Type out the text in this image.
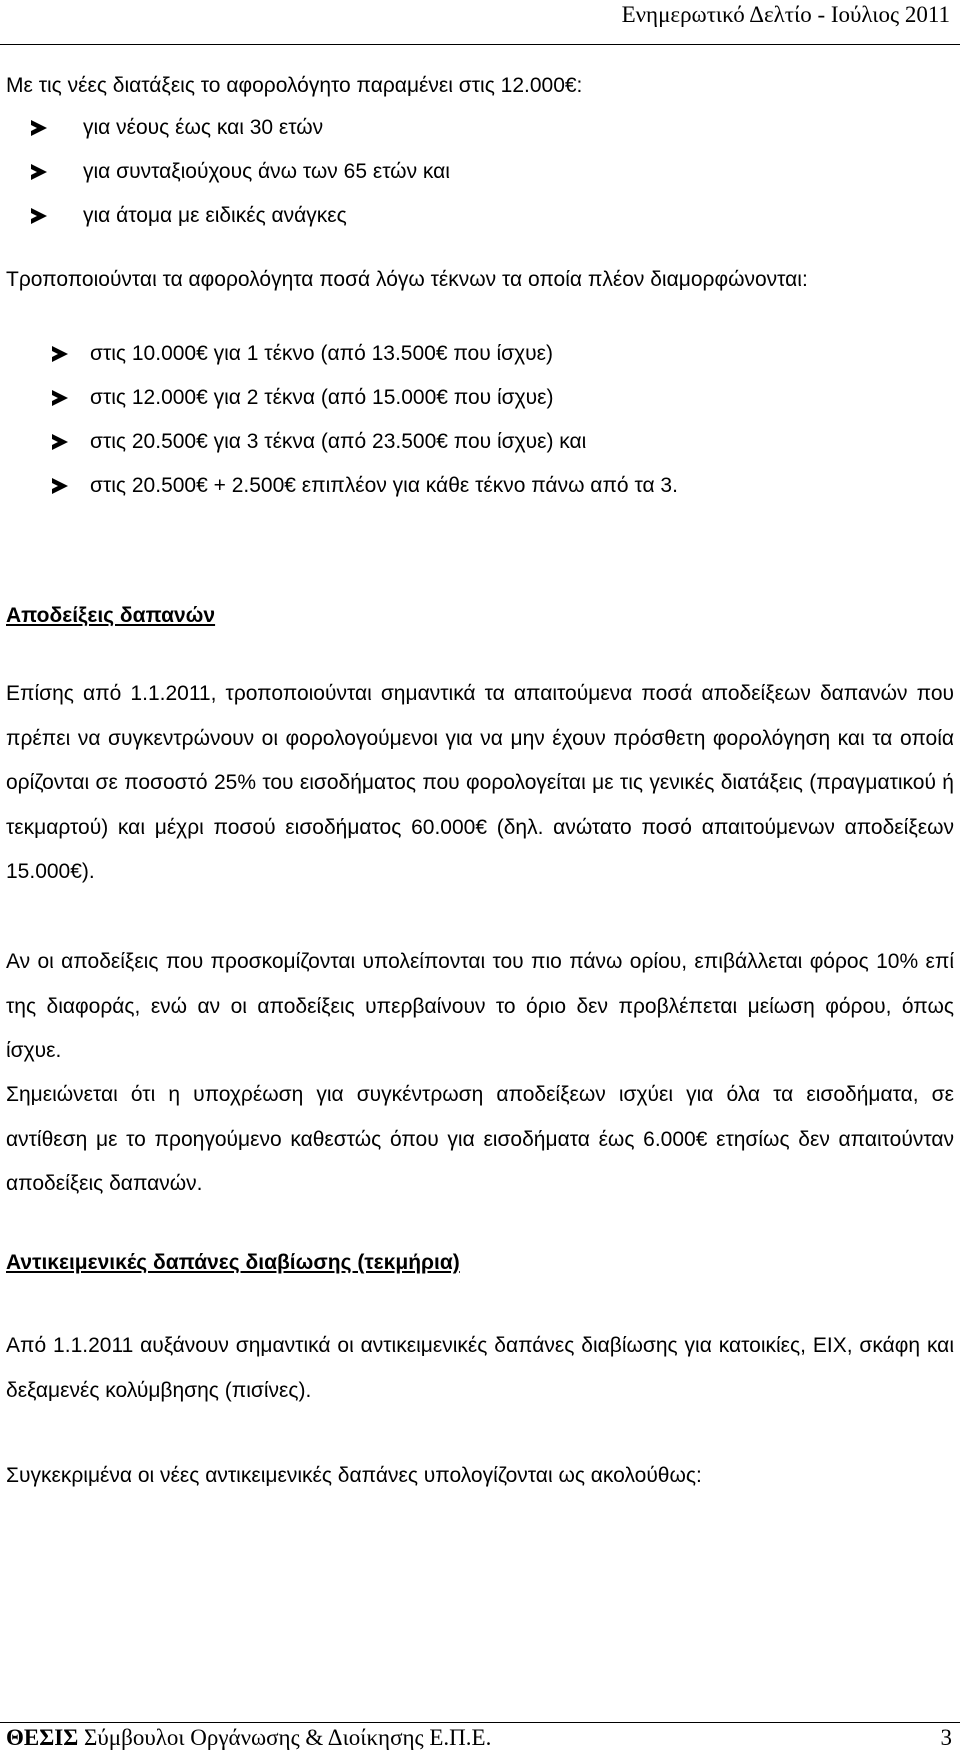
Ενημερωτικό Δελτίο - Ιούλιος 2011
Με τις νέες διατάξεις το αφορολόγητο παραμένει στις 12.000€:
για νέους έως και 30 ετών
για συνταξιούχους άνω των 65 ετών και
για άτομα με ειδικές ανάγκες
Τροποποιούνται τα αφορολόγητα ποσά λόγω τέκνων τα οποία πλέον διαμορφώνονται:
στις 10.000€ για 1 τέκνο (από 13.500€ που ίσχυε)
στις 12.000€ για 2 τέκνα (από 15.000€ που ίσχυε)
στις 20.500€ για 3 τέκνα (από 23.500€ που ίσχυε) και
στις 20.500€ + 2.500€ επιπλέον για κάθε τέκνο πάνω από τα 3.
Αποδείξεις δαπανών
Επίσης από 1.1.2011, τροποποιούνται σημαντικά τα απαιτούμενα ποσά αποδείξεων δαπανών που πρέπει να συγκεντρώνουν οι φορολογούμενοι για να μην έχουν πρόσθετη φορολόγηση και τα οποία ορίζονται σε ποσοστό 25% του εισοδήματος που φορολογείται με τις γενικές διατάξεις (πραγματικού ή τεκμαρτού) και μέχρι ποσού εισοδήματος 60.000€ (δηλ. ανώτατο ποσό απαιτούμενων αποδείξεων 15.000€).
Αν οι αποδείξεις που προσκομίζονται υπολείπονται του πιο πάνω ορίου, επιβάλλεται φόρος 10% επί της διαφοράς, ενώ αν οι αποδείξεις υπερβαίνουν το όριο δεν προβλέπεται μείωση φόρου, όπως ίσχυε.
Σημειώνεται ότι η υποχρέωση για συγκέντρωση αποδείξεων ισχύει για όλα τα εισοδήματα, σε αντίθεση με το προηγούμενο καθεστώς όπου για εισοδήματα έως 6.000€ ετησίως δεν απαιτούνταν αποδείξεις δαπανών.
Αντικειμενικές δαπάνες διαβίωσης (τεκμήρια)
Από 1.1.2011 αυξάνουν σημαντικά οι αντικειμενικές δαπάνες διαβίωσης για κατοικίες, ΕΙΧ, σκάφη και δεξαμενές κολύμβησης (πισίνες).
Συγκεκριμένα οι νέες αντικειμενικές δαπάνες υπολογίζονται ως ακολούθως:
ΘΕΣΙΣ Σύμβουλοι Οργάνωσης & Διοίκησης Ε.Π.Ε.	3
